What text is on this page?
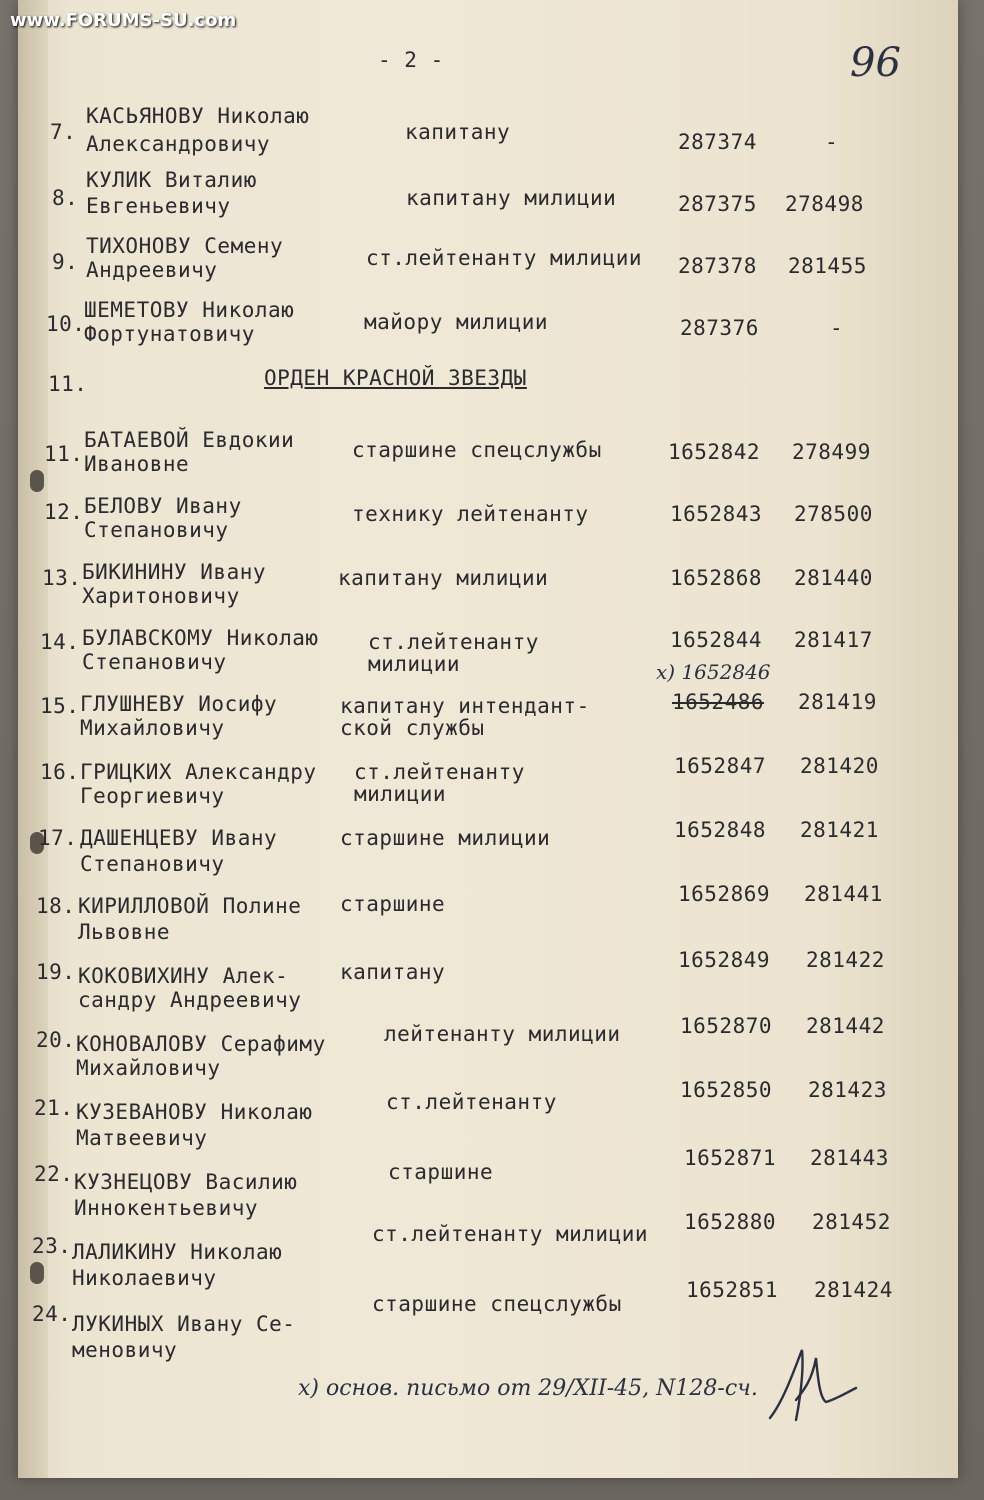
www.FORUMS-SU.com
- 2 -	96
11.	ОРДЕН КРАСНОЙ ЗВЕЗДЫ
7.
КАСЬЯНОВУ Николаю
Александровичу	капитану	287374	-
8.
КУЛИК Виталию
Евгеньевичу	капитану милиции	287375 278498
9.
ТИХОНОВУ Семену
Андреевичу	ст.лейтенанту милиции 287378 281455
10.
ШЕМЕТОВУ Николаю
Фортунатовичу	майору милиции	287376	-
11.
БАТАЕВОЙ Евдокии
Ивановне
старшине спецслужбы	1652842 278499
12. БЕЛОВУ Ивану
Степановичу
технику лейтенанту	1652843 278500
13. БИКИНИНУ Ивану
Харитоновичу
капитану милиции	1652868 281440
14. БУЛАВСКОМУ Николаю
Степановичу
ст.лейтенанту
милиции
1652844 281417
x) 1652846
15. ГЛУШНЕВУ Иосифу
Михайловичу
капитану интендант-
ской службы
1652486 281419
16. ГРИЦКИХ Александру
Георгиевичу
ст.лейтенанту
милиции
1652847 281420
17. ДАШЕНЦЕВУ Ивану
Степановичу
старшине милиции	1652848 281421
18. КИРИЛЛОВОЙ Полине
Львовне
старшине	1652869 281441
19. КОКОВИХИНУ Алек-
сандру Андреевичу
капитану	1652849 281422
20. КОНОВАЛОВУ Серафиму
Михайловичу
лейтенанту милиции	1652870 281442
21. КУЗЕВАНОВУ Николаю
Матвеевичу
ст.лейтенанту	1652850 281423
22. КУЗНЕЦОВУ Василию
Иннокентьевичу
старшине
1652871 281443
23. ЛАЛИКИНУ Николаю
Николаевичу
ст.лейтенанту милиции 1652880 281452
24. ЛУКИНЫХ Ивану Се-
меновичу
старшине спецслужбы
1652851 281424
x) основ. письмо от 29/XII-45, N128-сч.
